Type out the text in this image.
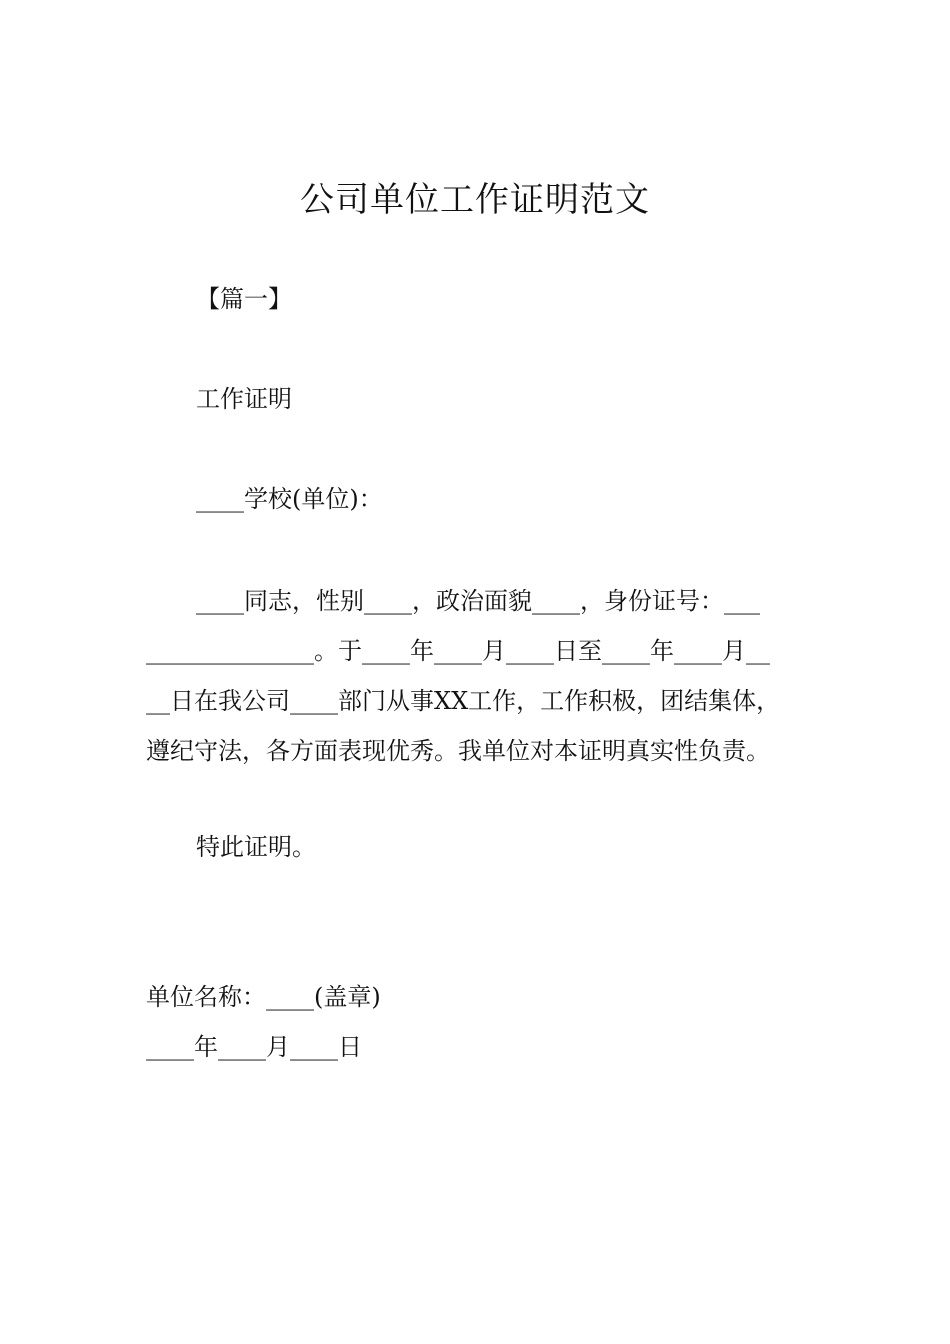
公司单位工作证明范文

【篇一】

工作证明

____学校(单位)：

____同志，性别____，政治面貌____，身份证号：___
______________。于____年____月____日至____年____月__
__日在我公司____部门从事XX工作，工作积极，团结集体，
遵纪守法，各方面表现优秀。我单位对本证明真实性负责。

特此证明。

单位名称：____(盖章)

____年____月____日
